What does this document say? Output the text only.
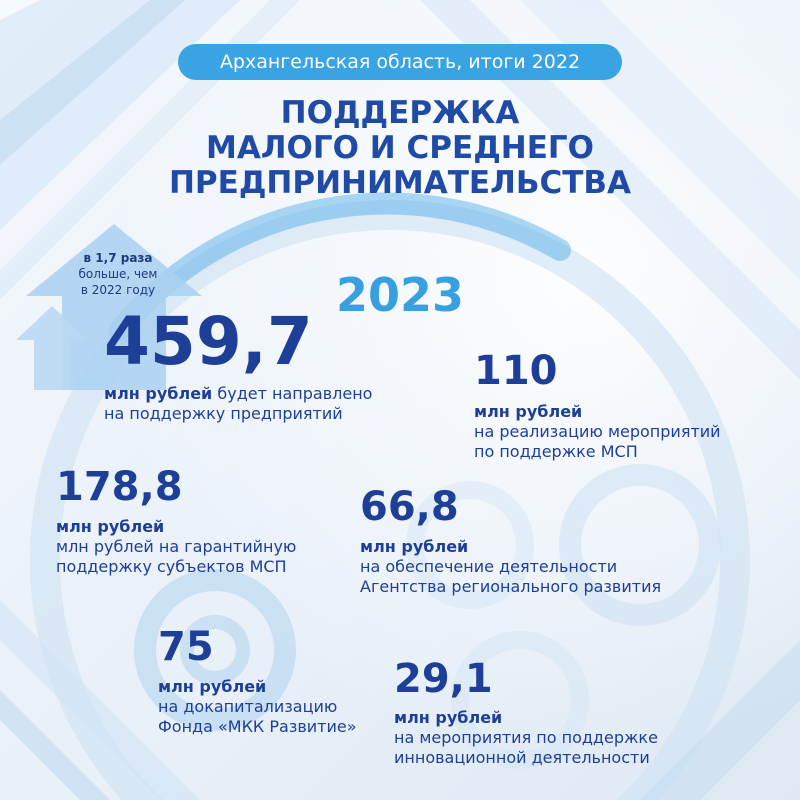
Архангельская область, итоги 2022
ПОДДЕРЖКА
МАЛОГО И СРЕДНЕГО
ПРЕДПРИНИМАТЕЛЬСТВА
в 1,7 раза
больше, чем
в 2022 году	2023
459,7
млн рублей будет направлено
на поддержку предприятий
110
млн рублей
на реализацию мероприятий
по поддержке МСП
178,8
млн рублей
млн рублей на гарантийную
поддержку субъектов МСП
66,8
млн рублей
на обеспечение деятельности
Агентства регионального развития
75
млн рублей
на докапитализацию
Фонда «МКК Развитие»
29,1
млн рублей
на мероприятия по поддержке
инновационной деятельности
